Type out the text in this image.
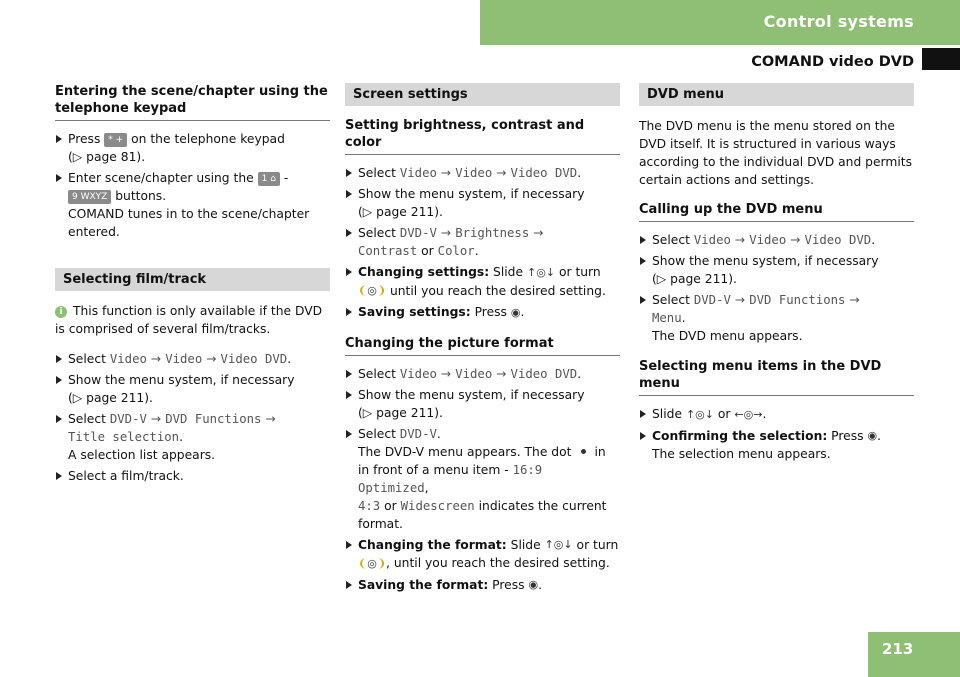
Control systems
COMAND video DVD
Entering the scene/chapter using the telephone keypad
Press * + on the telephone keypad
(▷ page 81).
Enter scene/chapter using the 1 ⌂ -
9 WXYZ buttons.
COMAND tunes in to the scene/chapter entered.
Selecting film/track
i This function is only available if the DVD is comprised of several film/tracks.
Select Video → Video → Video DVD.
Show the menu system, if necessary
(▷ page 211).
Select DVD-V → DVD Functions →
Title selection.
A selection list appears.
Select a film/track.
Screen settings
Setting brightness, contrast and color
Select Video → Video → Video DVD.
Show the menu system, if necessary
(▷ page 211).
Select DVD-V → Brightness →
Contrast or Color.
Changing settings: Slide ↑◎↓ or turn
❨◎❩ until you reach the desired setting.
Saving settings: Press ◉.
Changing the picture format
Select Video → Video → Video DVD.
Show the menu system, if necessary
(▷ page 211).
Select DVD-V.
The DVD-V menu appears. The dot in
in front of a menu item - 16:9 Optimized,
4:3 or Widescreen indicates the current format.
Changing the format: Slide ↑◎↓ or turn
❨◎❩, until you reach the desired setting.
Saving the format: Press ◉.
DVD menu
The DVD menu is the menu stored on the DVD itself. It is structured in various ways according to the individual DVD and permits certain actions and settings.
Calling up the DVD menu
Select Video → Video → Video DVD.
Show the menu system, if necessary
(▷ page 211).
Select DVD-V → DVD Functions →
Menu.
The DVD menu appears.
Selecting menu items in the DVD menu
Slide ↑◎↓ or ←◎→.
Confirming the selection: Press ◉.
The selection menu appears.
213
